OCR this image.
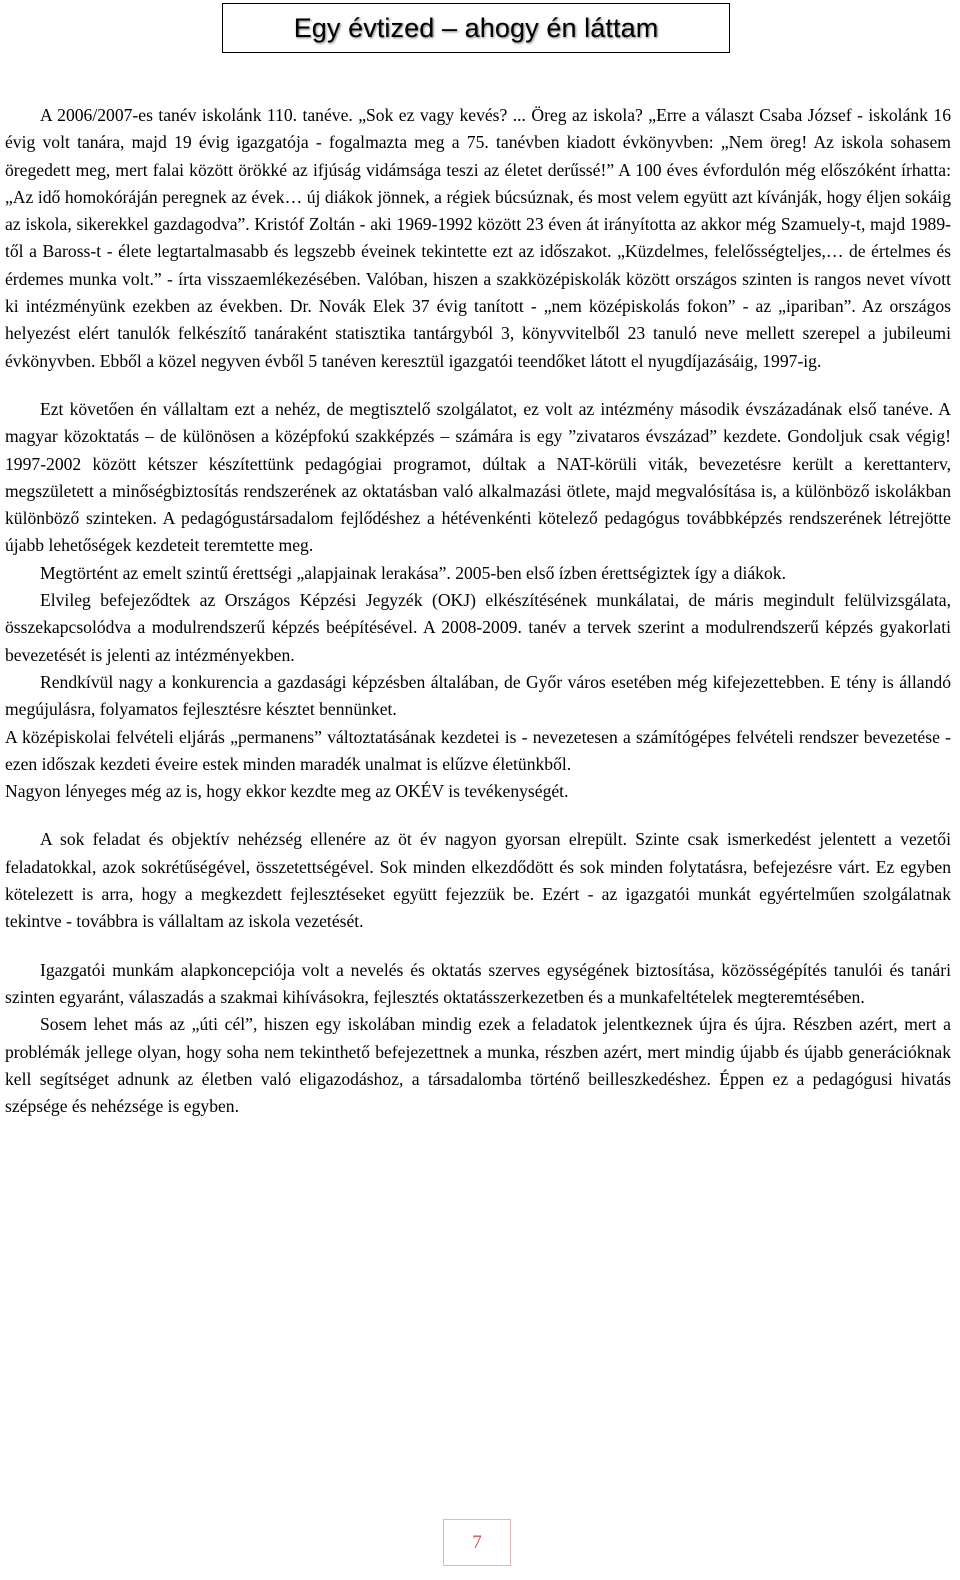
Egy évtized – ahogy én láttam

A 2006/2007-es tanév iskolánk 110. tanéve. „Sok ez vagy kevés? ... Öreg az iskola? „Erre a választ Csaba József - iskolánk 16 évig volt tanára, majd 19 évig igazgatója - fogalmazta meg a 75. tanévben kiadott évkönyvben: „Nem öreg! Az iskola sohasem öregedett meg, mert falai között örökké az ifjúság vidámsága teszi az életet derűssé!” A 100 éves évfordulón még előszóként írhatta: „Az idő homokóráján peregnek az évek… új diákok jönnek, a régiek búcsúznak, és most velem együtt azt kívánják, hogy éljen sokáig az iskola, sikerekkel gazdagodva”. Kristóf Zoltán - aki 1969-1992 között 23 éven át irányította az akkor még Szamuely-t, majd 1989-től a Baross-t - élete legtartalmasabb és legszebb éveinek tekintette ezt az időszakot. „Küzdelmes, felelősségteljes,… de értelmes és érdemes munka volt.” - írta visszaemlékezésében. Valóban, hiszen a szakközépiskolák között országos szinten is rangos nevet vívott ki intézményünk ezekben az években. Dr. Novák Elek 37 évig tanított - „nem középiskolás fokon” - az „ipariban”. Az országos helyezést elért tanulók felkészítő tanáraként statisztika tantárgyból 3, könyvvitelből 23 tanuló neve mellett szerepel a jubileumi évkönyvben. Ebből a közel negyven évből 5 tanéven keresztül igazgatói teendőket látott el nyugdíjazásáig, 1997-ig.

Ezt követően én vállaltam ezt a nehéz, de megtisztelő szolgálatot, ez volt az intézmény második évszázadának első tanéve. A magyar közoktatás – de különösen a középfokú szakképzés – számára is egy ”zivataros évszázad” kezdete. Gondoljuk csak végig! 1997-2002 között kétszer készítettünk pedagógiai programot, dúltak a NAT-körüli viták, bevezetésre került a kerettanterv, megszületett a minőségbiztosítás rendszerének az oktatásban való alkalmazási ötlete, majd megvalósítása is, a különböző iskolákban különböző szinteken. A pedagógustársadalom fejlődéshez a hétévenkénti kötelező pedagógus továbbképzés rendszerének létrejötte újabb lehetőségek kezdeteit teremtette meg.

Megtörtént az emelt szintű érettségi „alapjainak lerakása”. 2005-ben első ízben érettségiztek így a diákok.

Elvileg befejeződtek az Országos Képzési Jegyzék (OKJ) elkészítésének munkálatai, de máris megindult felülvizsgálata, összekapcsolódva a modulrendszerű képzés beépítésével. A 2008-2009. tanév a tervek szerint a modulrendszerű képzés gyakorlati bevezetését is jelenti az intézményekben.

Rendkívül nagy a konkurencia a gazdasági képzésben általában, de Győr város esetében még kifejezettebben. E tény is állandó megújulásra, folyamatos fejlesztésre késztet bennünket.

A középiskolai felvételi eljárás „permanens” változtatásának kezdetei is - nevezetesen a számítógépes felvételi rendszer bevezetése - ezen időszak kezdeti éveire estek minden maradék unalmat is elűzve életünkből.

Nagyon lényeges még az is, hogy ekkor kezdte meg az OKÉV is tevékenységét.

A sok feladat és objektív nehézség ellenére az öt év nagyon gyorsan elrepült. Szinte csak ismerkedést jelentett a vezetői feladatokkal, azok sokrétűségével, összetettségével. Sok minden elkezdődött és sok minden folytatásra, befejezésre várt. Ez egyben kötelezett is arra, hogy a megkezdett fejlesztéseket együtt fejezzük be. Ezért - az igazgatói munkát egyértelműen szolgálatnak tekintve - továbbra is vállaltam az iskola vezetését.

Igazgatói munkám alapkoncepciója volt a nevelés és oktatás szerves egységének biztosítása, közösségépítés tanulói és tanári szinten egyaránt, válaszadás a szakmai kihívásokra, fejlesztés oktatásszerkezetben és a munkafeltételek megteremtésében.

Sosem lehet más az „úti cél”, hiszen egy iskolában mindig ezek a feladatok jelentkeznek újra és újra. Részben azért, mert a problémák jellege olyan, hogy soha nem tekinthető befejezettnek a munka, részben azért, mert mindig újabb és újabb generációknak kell segítséget adnunk az életben való eligazodáshoz, a társadalomba történő beilleszkedéshez. Éppen ez a pedagógusi hivatás szépsége és nehézsége is egyben.

7
